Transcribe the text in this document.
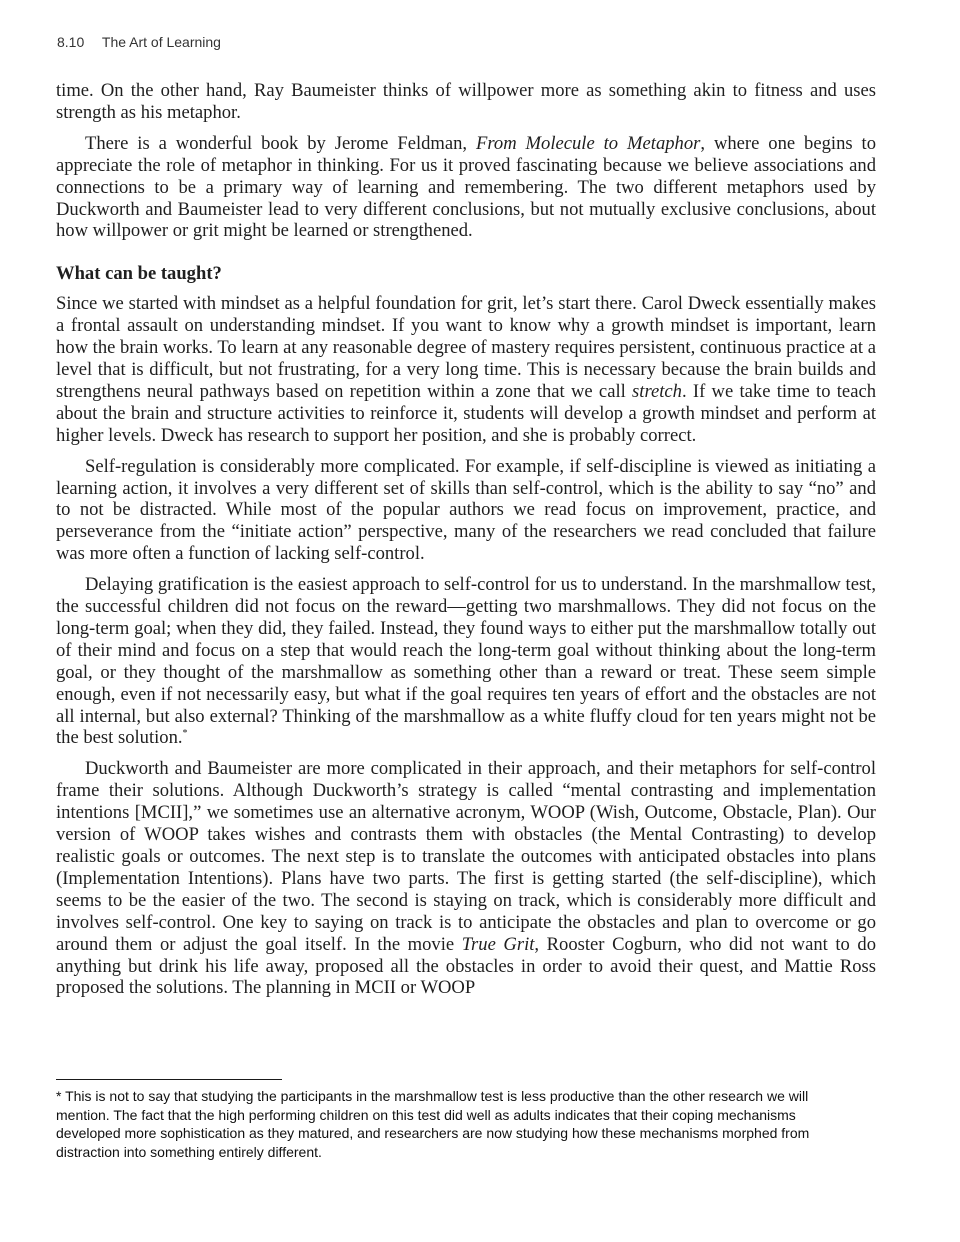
8.10 The Art of Learning

time. On the other hand, Ray Baumeister thinks of willpower more as something akin to fitness and uses strength as his metaphor.

There is a wonderful book by Jerome Feldman, From Molecule to Metaphor, where one begins to appreciate the role of metaphor in thinking. For us it proved fascinating because we believe associations and connections to be a primary way of learning and remembering. The two different metaphors used by Duckworth and Baumeister lead to very different conclusions, but not mutually exclusive conclusions, about how willpower or grit might be learned or strengthened.

What can be taught?

Since we started with mindset as a helpful foundation for grit, let’s start there. Carol Dweck essentially makes a frontal assault on understanding mindset. If you want to know why a growth mindset is important, learn how the brain works. To learn at any reasonable degree of mastery requires persistent, continuous practice at a level that is difficult, but not frustrating, for a very long time. This is necessary because the brain builds and strengthens neural pathways based on repetition within a zone that we call stretch. If we take time to teach about the brain and structure activities to reinforce it, students will develop a growth mindset and perform at higher levels. Dweck has research to support her position, and she is probably correct.

Self-regulation is considerably more complicated. For example, if self-discipline is viewed as initiating a learning action, it involves a very different set of skills than self-control, which is the ability to say “no” and to not be distracted. While most of the popular authors we read focus on improvement, practice, and perseverance from the “initiate action” perspective, many of the researchers we read concluded that failure was more often a function of lacking self-control.

Delaying gratification is the easiest approach to self-control for us to understand. In the marshmallow test, the successful children did not focus on the reward—getting two marshmallows. They did not focus on the long-term goal; when they did, they failed. Instead, they found ways to either put the marshmallow totally out of their mind and focus on a step that would reach the long-term goal without thinking about the long-term goal, or they thought of the marshmallow as something other than a reward or treat. These seem simple enough, even if not necessarily easy, but what if the goal requires ten years of effort and the obstacles are not all internal, but also external? Thinking of the marshmallow as a white fluffy cloud for ten years might not be the best solution.*

Duckworth and Baumeister are more complicated in their approach, and their metaphors for self-control frame their solutions. Although Duckworth’s strategy is called “mental contrasting and implementation intentions [MCII],” we sometimes use an alternative acronym, WOOP (Wish, Outcome, Obstacle, Plan). Our version of WOOP takes wishes and contrasts them with obstacles (the Mental Contrasting) to develop realistic goals or outcomes. The next step is to translate the outcomes with anticipated obstacles into plans (Implementation Intentions). Plans have two parts. The first is getting started (the self-discipline), which seems to be the easier of the two. The second is staying on track, which is considerably more difficult and involves self-control. One key to saying on track is to anticipate the obstacles and plan to overcome or go around them or adjust the goal itself. In the movie True Grit, Rooster Cogburn, who did not want to do anything but drink his life away, proposed all the obstacles in order to avoid their quest, and Mattie Ross proposed the solutions. The planning in MCII or WOOP

* This is not to say that studying the participants in the marshmallow test is less productive than the other research we will mention. The fact that the high performing children on this test did well as adults indicates that their coping mechanisms developed more sophistication as they matured, and researchers are now studying how these mechanisms morphed from distraction into something entirely different.
